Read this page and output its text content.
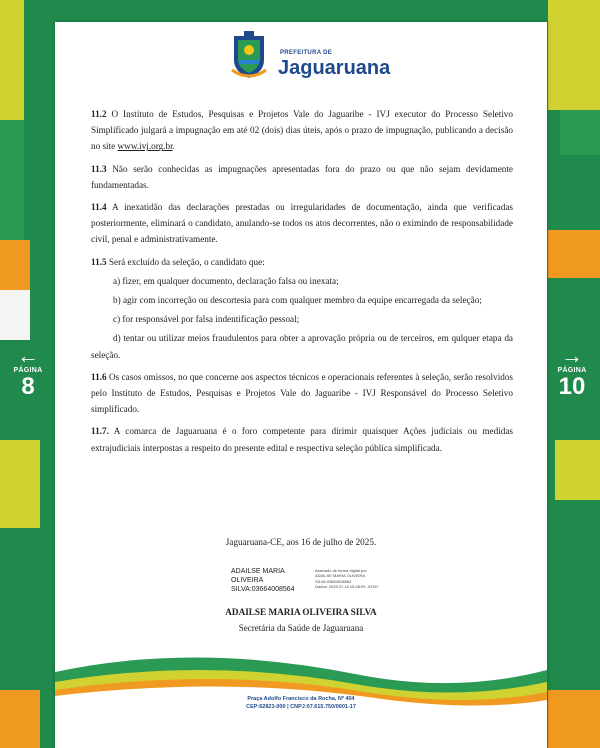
←
PÁGINA
8
→
PÁGINA
10
PREFEITURA DE
Jaguaruana

11.2 O Instituto de Estudos, Pesquisas e Projetos Vale do Jaguaribe - IVJ executor do Processo Seletivo Simplificado julgará a impugnação em até 02 (dois) dias úteis, após o prazo de impugnação, publicando a decisão no site www.ivj.org.br.

11.3 Não serão conhecidas as impugnações apresentadas fora do prazo ou que não sejam devidamente fundamentadas.

11.4 A inexatidão das declarações prestadas ou irregularidades de documentação, ainda que verificadas posteriormente, eliminará o candidato, anulando-se todos os atos decorrentes, não o eximindo de responsabilidade civil, penal e administrativamente.

11.5 Será excluído da seleção, o candidato que:

a) fizer, em qualquer documento, declaração falsa ou inexata;

b) agir com incorreção ou descortesia para com qualquer membro da equipe encarregada da seleção;

c) for responsável por falsa indentificação pessoal;

d) tentar ou utilizar meios fraudulentos para obter a aprovação própria ou de terceiros, em qulquer etapa da seleção.

11.6 Os casos omissos, no que concerne aos aspectos técnicos e operacionais referentes à seleção, serão resolvidos pelo Instituto de Estudos, Pesquisas e Projetos Vale do Jaguaribe - IVJ Responsável do Processo Seletivo simplificado.

11.7. A comarca de Jaguaruana é o foro competente para dirimir quaisquer Ações judiciais ou medidas extrajudiciais interpostas a respeito do presente edital e respectiva seleção pública simplificada.

Jaguaruana-CE, aos 16 de julho de 2025.
ADAILSE MARIA
OLIVEIRA
SILVA:03664008564
Assinado de forma digital por
ADAILSE MARIA OLIVEIRA
SILVA:03664008564
Dados: 2025.07.16 15:28:09 -03'00'
ADAILSE MARIA OLIVEIRA SILVA
Secretária da Saúde de Jaguaruana
Praça Adolfo Francisco da Rocha, Nº 404
CEP:62823-000 | CNPJ:07.615.750/0001-17
